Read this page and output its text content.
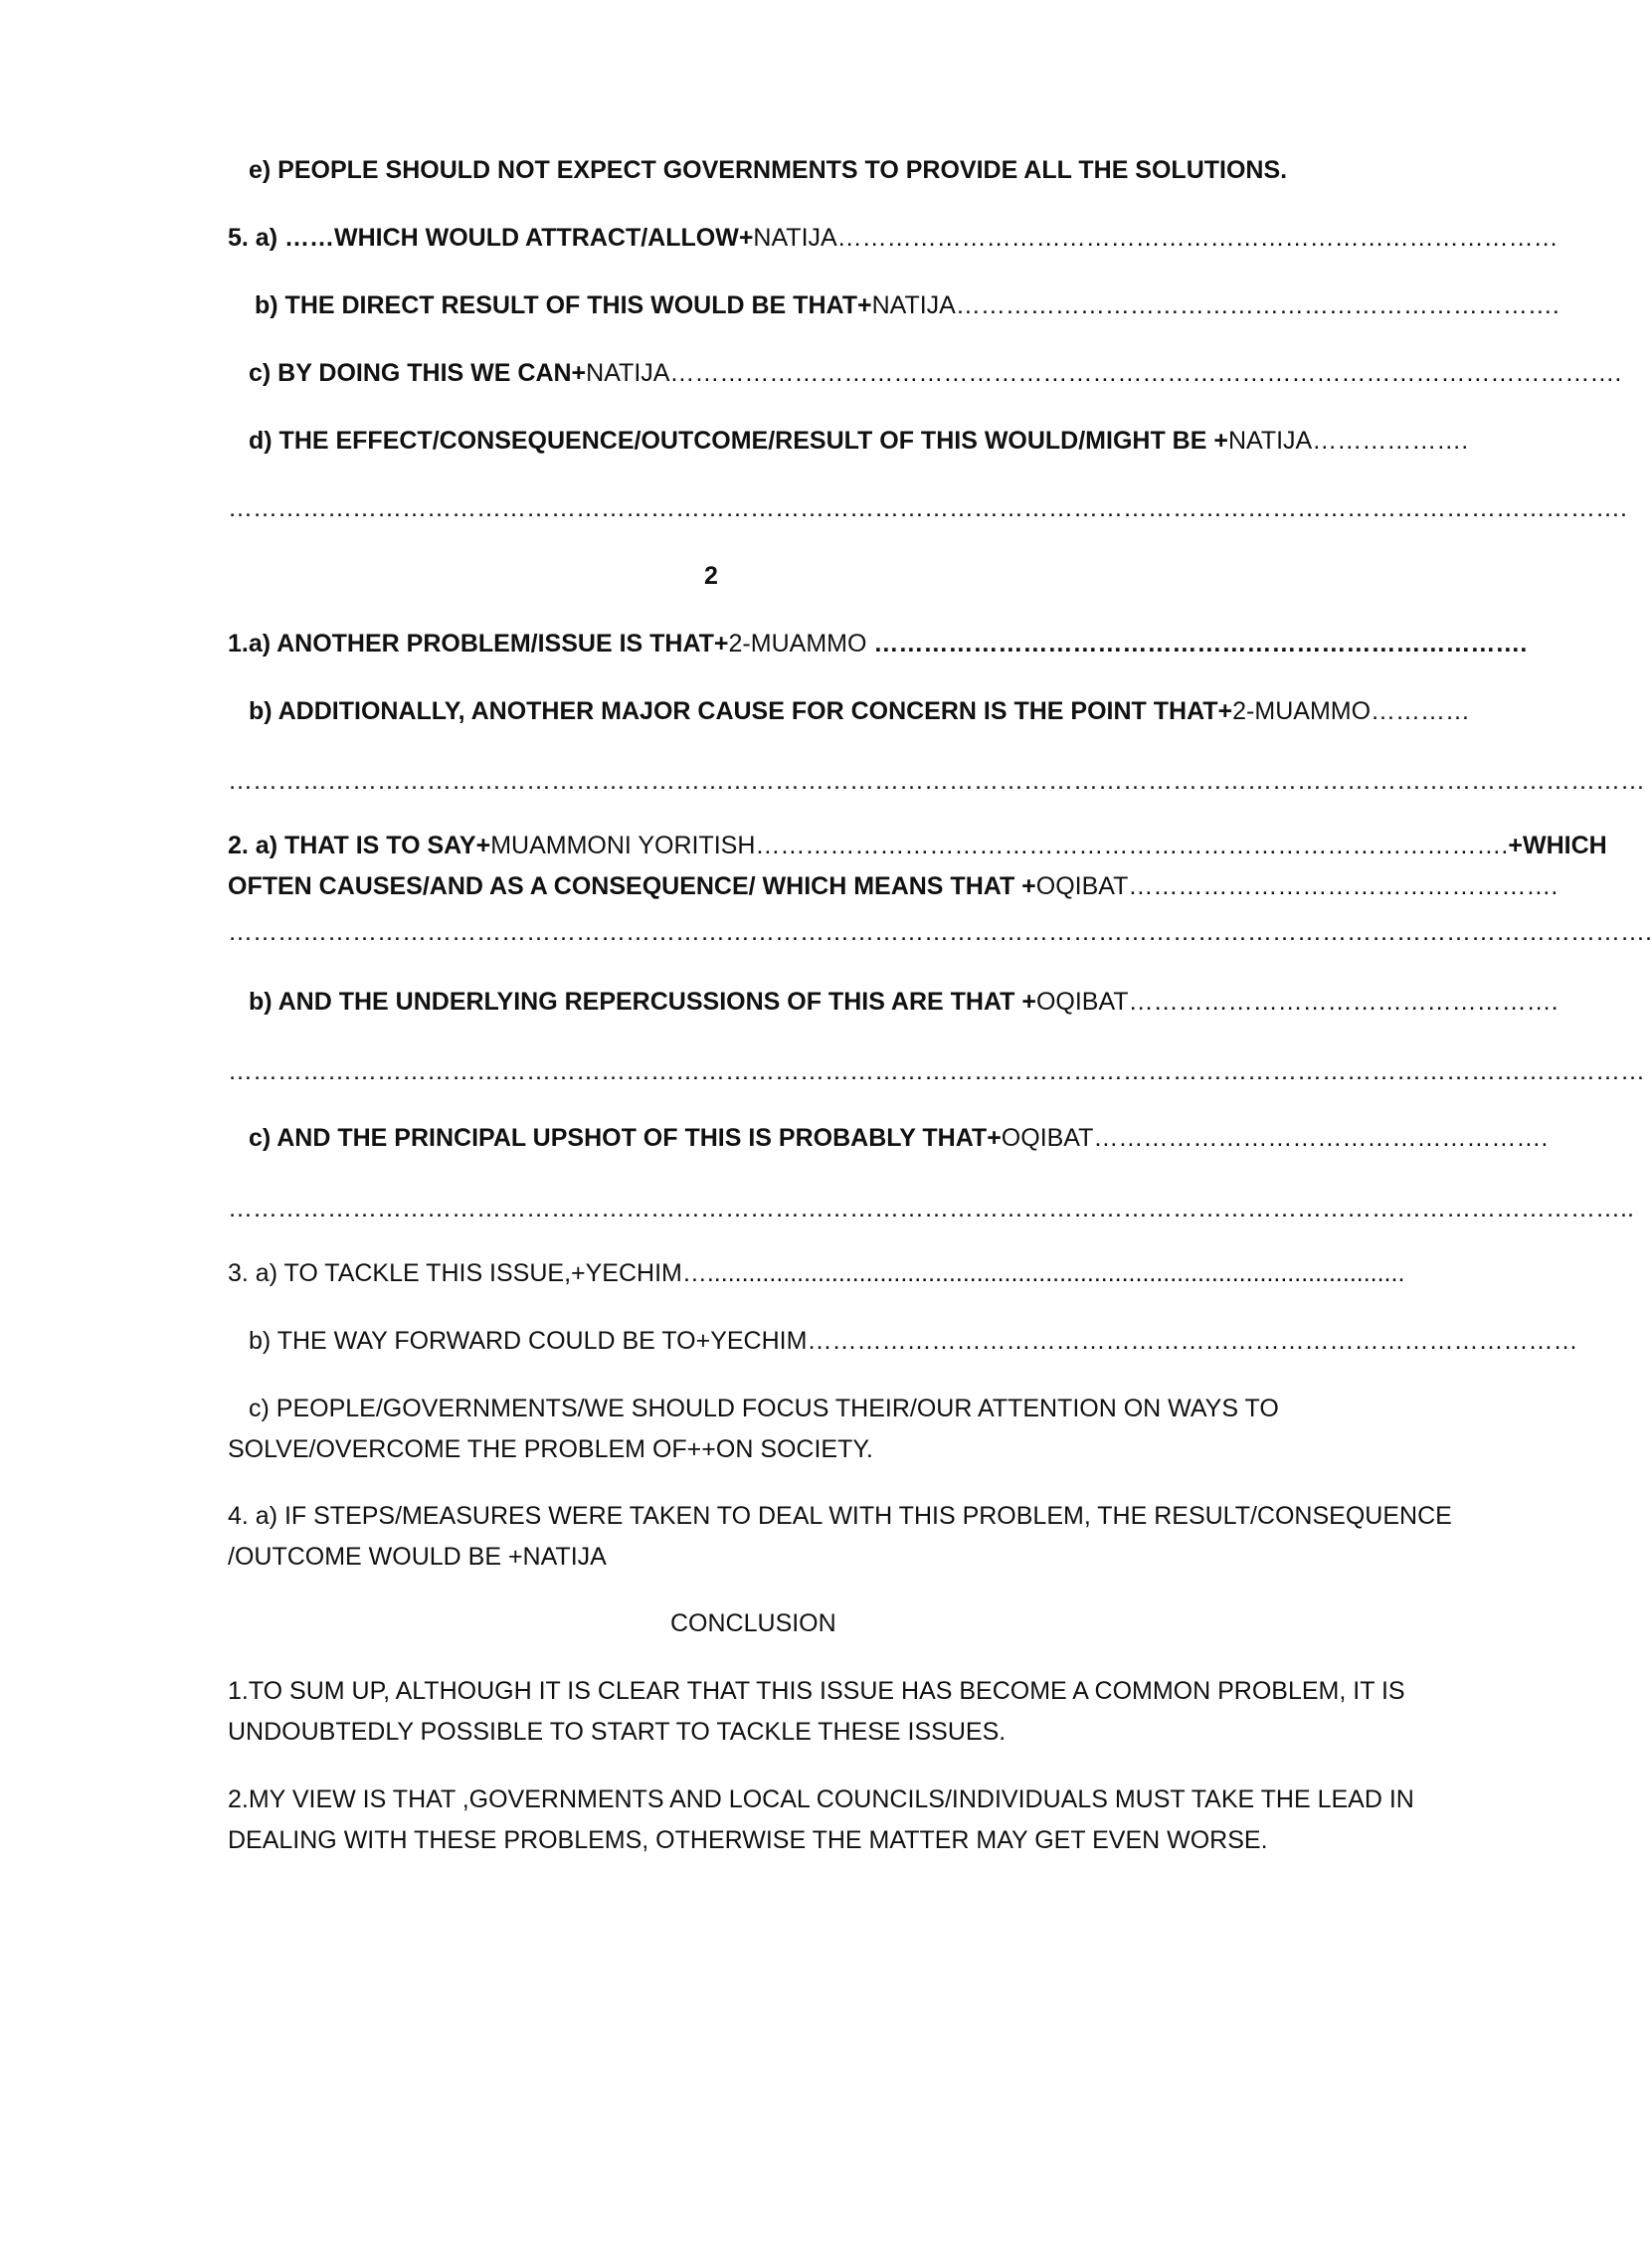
e) PEOPLE SHOULD NOT EXPECT GOVERNMENTS TO PROVIDE ALL THE SOLUTIONS.
5. a) ……WHICH WOULD ATTRACT/ALLOW+NATIJA……………………………………………………………………………
b) THE DIRECT RESULT OF THIS WOULD BE THAT+NATIJA……………………………………………………………….
c) BY DOING THIS WE CAN+NATIJA…………………………………………………………………………………………………….
d) THE EFFECT/CONSEQUENCE/OUTCOME/RESULT OF THIS WOULD/MIGHT BE +NATIJA……………….
…………………………………………………………………………………………………………………………………………………….
2
1.a) ANOTHER PROBLEM/ISSUE IS THAT+2-MUAMMO …………………………………………………………………….
b) ADDITIONALLY, ANOTHER MAJOR CAUSE FOR CONCERN IS THE POINT THAT+2-MUAMMO…………
………………………………………………………………………………………………………………………………………………………
2. a) THAT IS TO SAY+MUAMMONI YORITISH……………………………………………………………………………….+WHICH
OFTEN CAUSES/AND AS A CONSEQUENCE/ WHICH MEANS THAT +OQIBAT…………………………………………….
……………………………………………………………………………………………………………………………………………………….
b) AND THE UNDERLYING REPERCUSSIONS OF THIS ARE THAT +OQIBAT…………………………………………….
………………………………………………………………………………………………………………………………………………………
c) AND THE PRINCIPAL UPSHOT OF THIS IS PROBABLY THAT+OQIBAT……………………………………………….
……………………………………………………………………………………………………………………………………………………..
3. a) TO TACKLE THIS ISSUE,+YECHIM….....................................................................................................
b) THE WAY FORWARD COULD BE TO+YECHIM…………………………………………………………………………………
c) PEOPLE/GOVERNMENTS/WE SHOULD FOCUS THEIR/OUR ATTENTION ON WAYS TO
SOLVE/OVERCOME THE PROBLEM OF++ON SOCIETY.
4. a) IF STEPS/MEASURES WERE TAKEN TO DEAL WITH THIS PROBLEM, THE RESULT/CONSEQUENCE
/OUTCOME WOULD BE +NATIJA
CONCLUSION
1.TO SUM UP, ALTHOUGH IT IS CLEAR THAT THIS ISSUE HAS BECOME A COMMON PROBLEM, IT IS
UNDOUBTEDLY POSSIBLE TO START TO TACKLE THESE ISSUES.
2.MY VIEW IS THAT ,GOVERNMENTS AND LOCAL COUNCILS/INDIVIDUALS MUST TAKE THE LEAD IN
DEALING WITH THESE PROBLEMS, OTHERWISE THE MATTER MAY GET EVEN WORSE.
